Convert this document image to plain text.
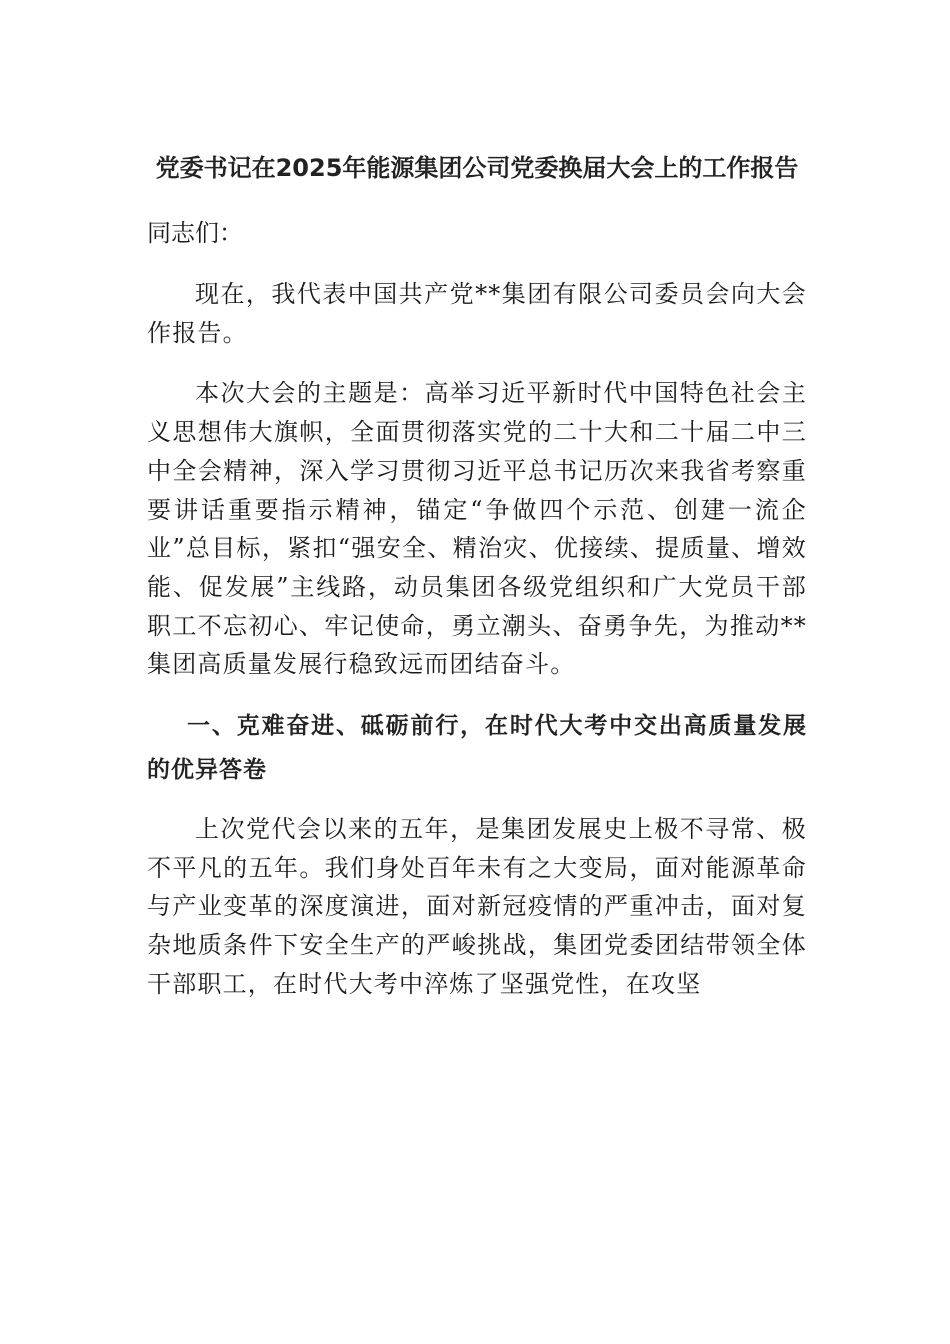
党委书记在2025年能源集团公司党委换届大会上的工作报告

同志们：

现在，我代表中国共产党**集团有限公司委员会向大会作报告。

本次大会的主题是：高举习近平新时代中国特色社会主义思想伟大旗帜，全面贯彻落实党的二十大和二十届二中三中全会精神，深入学习贯彻习近平总书记历次来我省考察重要讲话重要指示精神，锚定“争做四个示范、创建一流企业”总目标，紧扣“强安全、精治灾、优接续、提质量、增效能、促发展”主线路，动员集团各级党组织和广大党员干部职工不忘初心、牢记使命，勇立潮头、奋勇争先，为推动**集团高质量发展行稳致远而团结奋斗。

一、克难奋进、砥砺前行，在时代大考中交出高质量发展的优异答卷

上次党代会以来的五年，是集团发展史上极不寻常、极不平凡的五年。我们身处百年未有之大变局，面对能源革命与产业变革的深度演进，面对新冠疫情的严重冲击，面对复杂地质条件下安全生产的严峻挑战，集团党委团结带领全体干部职工，在时代大考中淬炼了坚强党性，在攻坚
